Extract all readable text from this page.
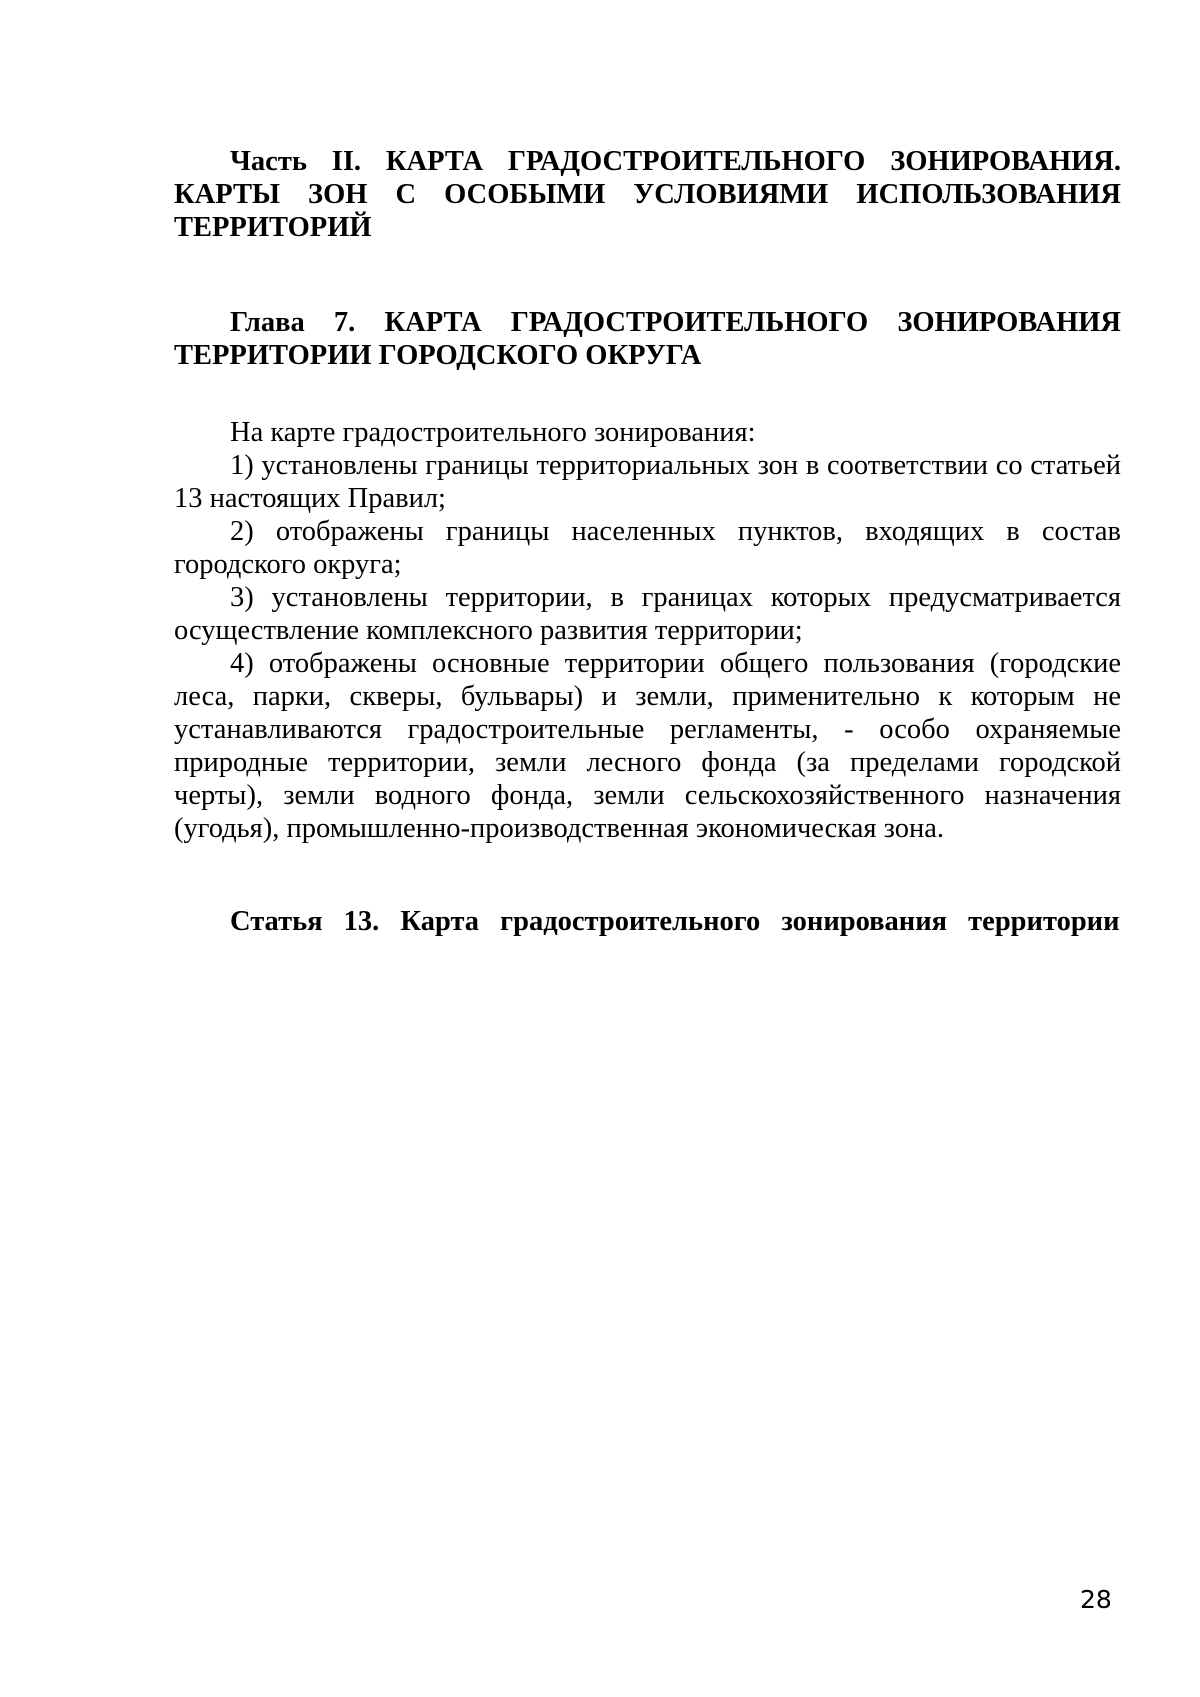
Часть II. КАРТА ГРАДОСТРОИТЕЛЬНОГО ЗОНИРОВАНИЯ. КАРТЫ ЗОН С ОСОБЫМИ УСЛОВИЯМИ ИСПОЛЬЗОВАНИЯ ТЕРРИТОРИЙ

Глава 7. КАРТА ГРАДОСТРОИТЕЛЬНОГО ЗОНИРОВАНИЯ ТЕРРИТОРИИ ГОРОДСКОГО ОКРУГА

На карте градостроительного зонирования:

1) установлены границы территориальных зон в соответствии со статьей 13 настоящих Правил;

2) отображены границы населенных пунктов, входящих в состав городского округа;

3) установлены территории, в границах которых предусматривается осуществление комплексного развития территории;

4) отображены основные территории общего пользования (городские леса, парки, скверы, бульвары) и земли, применительно к которым не устанавливаются градостроительные регламенты, - особо охраняемые природные территории, земли лесного фонда (за пределами городской черты), земли водного фонда, земли сельскохозяйственного назначения (угодья), промышленно-производственная экономическая зона.

Статья 13. Карта градостроительного зонирования территории

28
